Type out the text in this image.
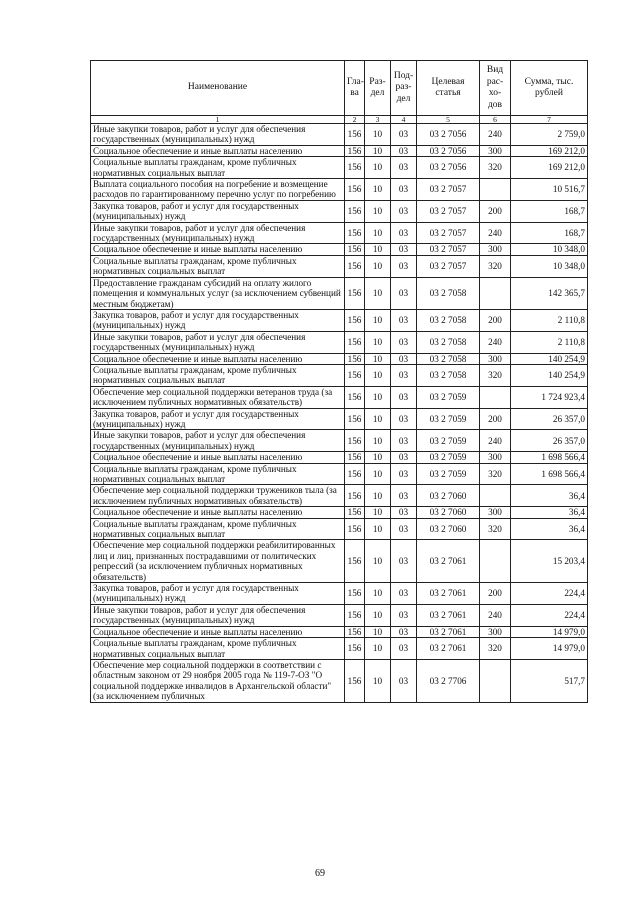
Наименование	Гла-ва	Раз-дел	Под-раз-дел	Целевая статья	Вид рас-хо-дов	Сумма, тыс. рублей
1	2	3	4	5	6	7
Иные закупки товаров, работ и услуг для обеспечения государственных (муниципальных) нужд	156	10	03	03 2 7056	240	2 759,0
Социальное обеспечение и иные выплаты населению	156	10	03	03 2 7056	300	169 212,0
Социальные выплаты гражданам, кроме публичных нормативных социальных выплат	156	10	03	03 2 7056	320	169 212,0
Выплата социального пособия на погребение и возмещение расходов по гарантированному перечню услуг по погребению	156	10	03	03 2 7057		10 516,7
Закупка товаров, работ и услуг для государственных (муниципальных) нужд	156	10	03	03 2 7057	200	168,7
Иные закупки товаров, работ и услуг для обеспечения государственных (муниципальных) нужд	156	10	03	03 2 7057	240	168,7
Социальное обеспечение и иные выплаты населению	156	10	03	03 2 7057	300	10 348,0
Социальные выплаты гражданам, кроме публичных нормативных социальных выплат	156	10	03	03 2 7057	320	10 348,0
Предоставление гражданам субсидий на оплату жилого помещения и коммунальных услуг (за исключением субвенций местным бюджетам)	156	10	03	03 2 7058		142 365,7
Закупка товаров, работ и услуг для государственных (муниципальных) нужд	156	10	03	03 2 7058	200	2 110,8
Иные закупки товаров, работ и услуг для обеспечения государственных (муниципальных) нужд	156	10	03	03 2 7058	240	2 110,8
Социальное обеспечение и иные выплаты населению	156	10	03	03 2 7058	300	140 254,9
Социальные выплаты гражданам, кроме публичных нормативных социальных выплат	156	10	03	03 2 7058	320	140 254,9
Обеспечение мер социальной поддержки ветеранов труда (за исключением публичных нормативных обязательств)	156	10	03	03 2 7059		1 724 923,4
Закупка товаров, работ и услуг для государственных (муниципальных) нужд	156	10	03	03 2 7059	200	26 357,0
Иные закупки товаров, работ и услуг для обеспечения государственных (муниципальных) нужд	156	10	03	03 2 7059	240	26 357,0
Социальное обеспечение и иные выплаты населению	156	10	03	03 2 7059	300	1 698 566,4
Социальные выплаты гражданам, кроме публичных нормативных социальных выплат	156	10	03	03 2 7059	320	1 698 566,4
Обеспечение мер социальной поддержки тружеников тыла (за исключением публичных нормативных обязательств)	156	10	03	03 2 7060		36,4
Социальное обеспечение и иные выплаты населению	156	10	03	03 2 7060	300	36,4
Социальные выплаты гражданам, кроме публичных нормативных социальных выплат	156	10	03	03 2 7060	320	36,4
Обеспечение мер социальной поддержки реабилитированных лиц и лиц, признанных пострадавшими от политических репрессий (за исключением публичных нормативных обязательств)	156	10	03	03 2 7061		15 203,4
Закупка товаров, работ и услуг для государственных (муниципальных) нужд	156	10	03	03 2 7061	200	224,4
Иные закупки товаров, работ и услуг для обеспечения государственных (муниципальных) нужд	156	10	03	03 2 7061	240	224,4
Социальное обеспечение и иные выплаты населению	156	10	03	03 2 7061	300	14 979,0
Социальные выплаты гражданам, кроме публичных нормативных социальных выплат	156	10	03	03 2 7061	320	14 979,0
Обеспечение мер социальной поддержки в соответствии с областным законом от 29 ноября 2005 года № 119-7-ОЗ "О социальной поддержке инвалидов в Архангельской области" (за исключением публичных	156	10	03	03 2 7706		517,7
69
